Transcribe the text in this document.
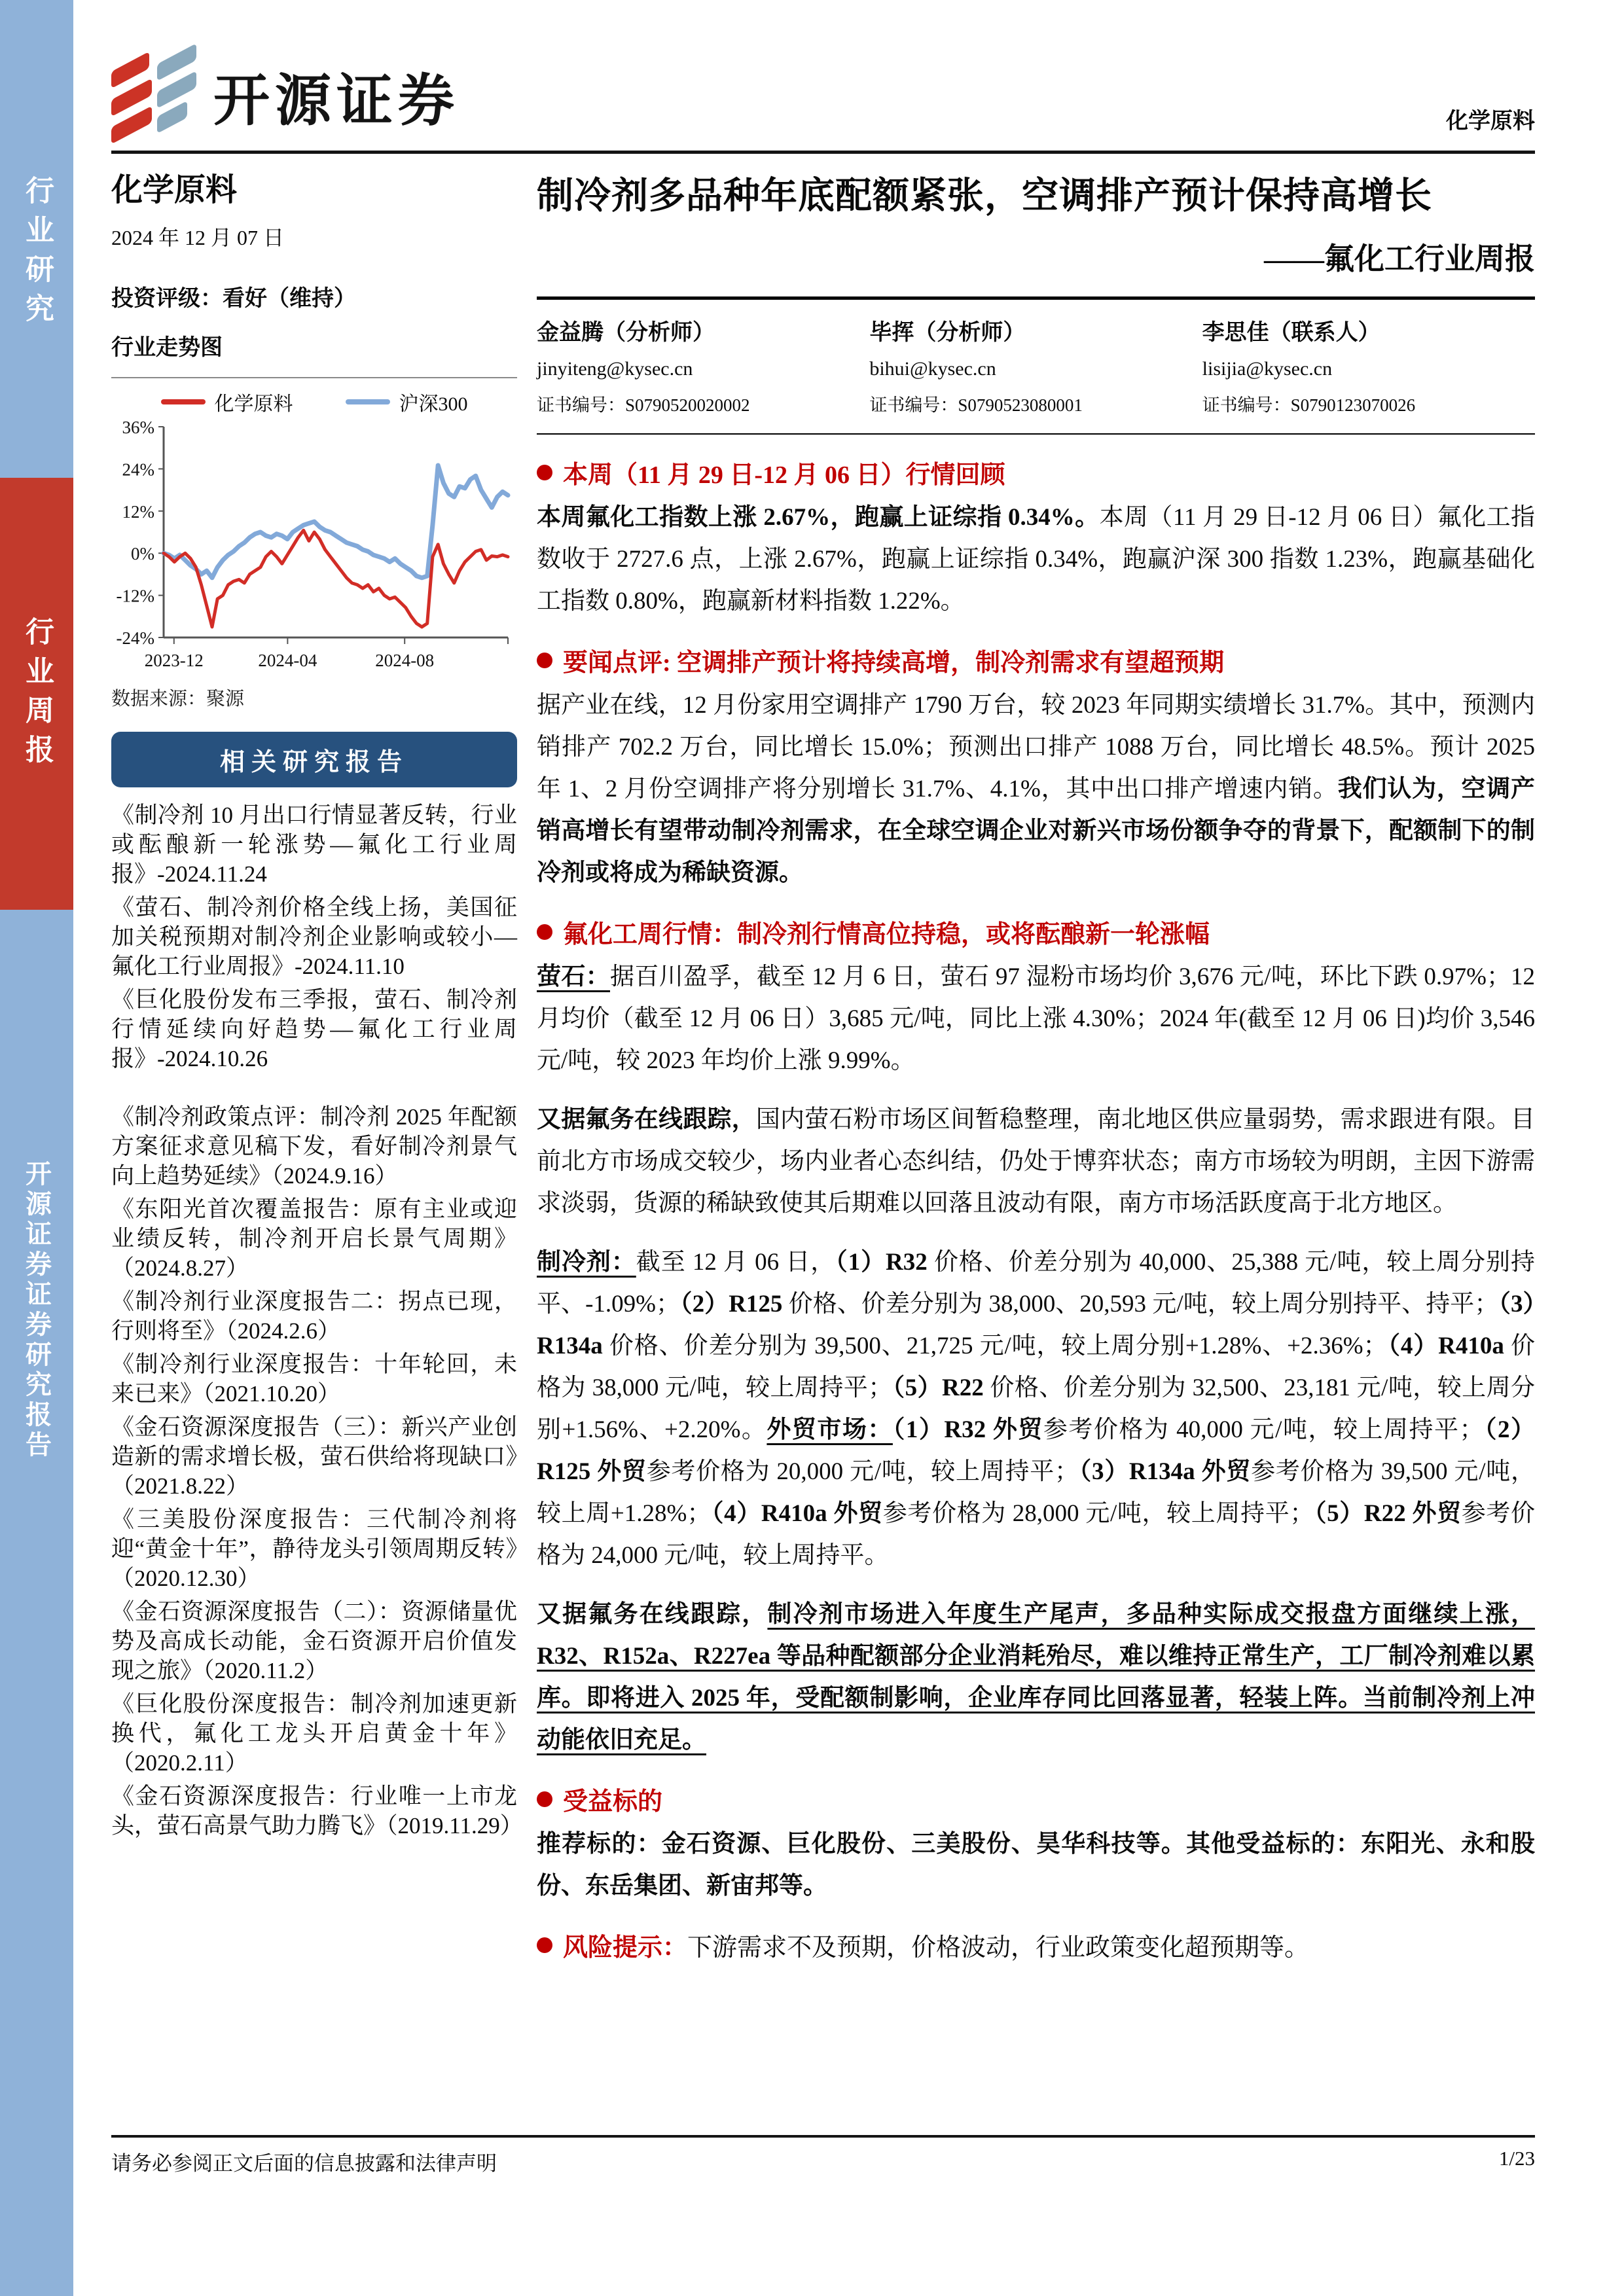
行业研究
行业周报
开源证券证券研究报告
开源证券	化学原料
化学原料
2024 年 12 月 07 日
投资评级：看好（维持）
行业走势图
化学原料	沪深300
36%
24%
12%
0%
-12%
-24%
2023-12	2024-04	2024-08
数据来源：聚源
相关研究报告
《制冷剂 10 月出口行情显著反转，行业或酝酿新一轮涨势—氟化工行业周报》-2024.11.24
《萤石、制冷剂价格全线上扬，美国征加关税预期对制冷剂企业影响或较小—氟化工行业周报》-2024.11.10
《巨化股份发布三季报，萤石、制冷剂行情延续向好趋势—氟化工行业周报》-2024.10.26
《制冷剂政策点评：制冷剂 2025 年配额方案征求意见稿下发，看好制冷剂景气向上趋势延续》（2024.9.16）
《东阳光首次覆盖报告：原有主业或迎业绩反转，制冷剂开启长景气周期》（2024.8.27）
《制冷剂行业深度报告二：拐点已现，行则将至》（2024.2.6）
《制冷剂行业深度报告：十年轮回，未来已来》（2021.10.20）
《金石资源深度报告（三）：新兴产业创造新的需求增长极，萤石供给将现缺口》（2021.8.22）
《三美股份深度报告：三代制冷剂将迎“黄金十年”，静待龙头引领周期反转》（2020.12.30）
《金石资源深度报告（二）：资源储量优势及高成长动能，金石资源开启价值发现之旅》（2020.11.2）
《巨化股份深度报告：制冷剂加速更新换代，氟化工龙头开启黄金十年》（2020.2.11）
《金石资源深度报告：行业唯一上市龙头，萤石高景气助力腾飞》（2019.11.29）
制冷剂多品种年底配额紧张，空调排产预计保持高增长
——氟化工行业周报
金益腾（分析师）
jinyiteng@kysec.cn
证书编号：S0790520020002
毕挥（分析师）
bihui@kysec.cn
证书编号：S0790523080001
李思佳（联系人）
lisijia@kysec.cn
证书编号：S0790123070026
本周（11 月 29 日-12 月 06 日）行情回顾
本周氟化工指数上涨 2.67%，跑赢上证综指 0.34%。本周（11 月 29 日-12 月 06 日）氟化工指数收于 2727.6 点，上涨 2.67%，跑赢上证综指 0.34%，跑赢沪深 300 指数 1.23%，跑赢基础化工指数 0.80%，跑赢新材料指数 1.22%。
要闻点评: 空调排产预计将持续高增，制冷剂需求有望超预期
据产业在线，12 月份家用空调排产 1790 万台，较 2023 年同期实绩增长 31.7%。其中，预测内销排产 702.2 万台，同比增长 15.0%；预测出口排产 1088 万台，同比增长 48.5%。预计 2025 年 1、2 月份空调排产将分别增长 31.7%、4.1%，其中出口排产增速内销。我们认为，空调产销高增长有望带动制冷剂需求，在全球空调企业对新兴市场份额争夺的背景下，配额制下的制冷剂或将成为稀缺资源。
氟化工周行情：制冷剂行情高位持稳，或将酝酿新一轮涨幅
萤石：据百川盈孚，截至 12 月 6 日，萤石 97 湿粉市场均价 3,676 元/吨，环比下跌 0.97%；12 月均价（截至 12 月 06 日）3,685 元/吨，同比上涨 4.30%；2024 年(截至 12 月 06 日)均价 3,546 元/吨，较 2023 年均价上涨 9.99%。
又据氟务在线跟踪，国内萤石粉市场区间暂稳整理，南北地区供应量弱势，需求跟进有限。目前北方市场成交较少，场内业者心态纠结，仍处于博弈状态；南方市场较为明朗，主因下游需求淡弱，货源的稀缺致使其后期难以回落且波动有限，南方市场活跃度高于北方地区。
制冷剂：截至 12 月 06 日，（1）R32 价格、价差分别为 40,000、25,388 元/吨，较上周分别持平、-1.09%；（2）R125 价格、价差分别为 38,000、20,593 元/吨，较上周分别持平、持平；（3）R134a 价格、价差分别为 39,500、21,725 元/吨，较上周分别+1.28%、+2.36%；（4）R410a 价格为 38,000 元/吨，较上周持平；（5）R22 价格、价差分别为 32,500、23,181 元/吨，较上周分别+1.56%、+2.20%。外贸市场：（1）R32 外贸参考价格为 40,000 元/吨，较上周持平；（2）R125 外贸参考价格为 20,000 元/吨，较上周持平；（3）R134a 外贸参考价格为 39,500 元/吨，较上周+1.28%；（4）R410a 外贸参考价格为 28,000 元/吨，较上周持平；（5）R22 外贸参考价格为 24,000 元/吨，较上周持平。
又据氟务在线跟踪，制冷剂市场进入年度生产尾声，多品种实际成交报盘方面继续上涨，R32、R152a、R227ea 等品种配额部分企业消耗殆尽，难以维持正常生产，工厂制冷剂难以累库。即将进入 2025 年，受配额制影响，企业库存同比回落显著，轻装上阵。当前制冷剂上冲动能依旧充足。
受益标的
推荐标的：金石资源、巨化股份、三美股份、昊华科技等。其他受益标的：东阳光、永和股份、东岳集团、新宙邦等。
风险提示：下游需求不及预期，价格波动，行业政策变化超预期等。
请务必参阅正文后面的信息披露和法律声明	1/23
